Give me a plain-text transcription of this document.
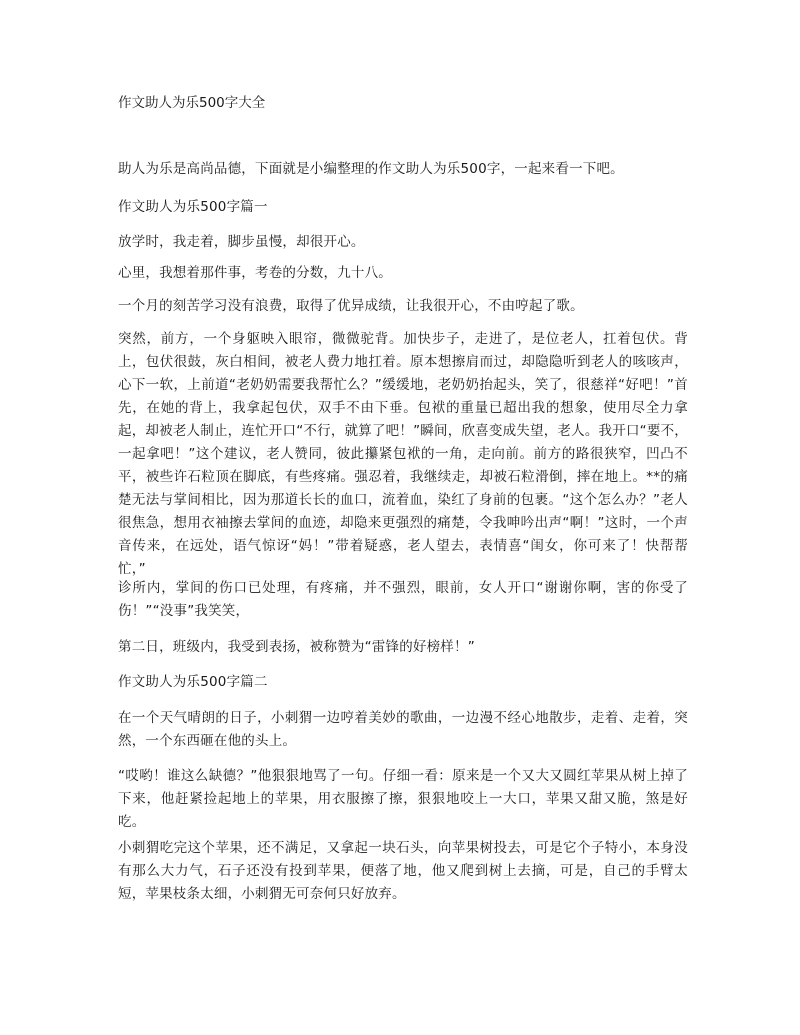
作文助人为乐500字大全

助人为乐是高尚品德，下面就是小编整理的作文助人为乐500字，一起来看一下吧。

作文助人为乐500字篇一

放学时，我走着，脚步虽慢，却很开心。

心里，我想着那件事，考卷的分数，九十八。

一个月的刻苦学习没有浪费，取得了优异成绩，让我很开心，不由哼起了歌。

突然，前方，一个身躯映入眼帘，微微驼背。加快步子，走进了，是位老人，扛着包伏。背上，包伏很鼓，灰白相间，被老人费力地扛着。原本想擦肩而过，却隐隐听到老人的咳咳声，心下一软，上前道“老奶奶需要我帮忙么？”缓缓地，老奶奶抬起头，笑了，很慈祥“好吧！”首先，在她的背上，我拿起包伏，双手不由下垂。包袱的重量已超出我的想象，使用尽全力拿起，却被老人制止，连忙开口“不行，就算了吧！”瞬间，欣喜变成失望，老人。我开口“要不，一起拿吧！”这个建议，老人赞同，彼此攥紧包袱的一角，走向前。前方的路很狭窄，凹凸不平，被些许石粒顶在脚底，有些疼痛。强忍着，我继续走，却被石粒滑倒，摔在地上。**的痛楚无法与掌间相比，因为那道长长的血口，流着血，染红了身前的包裹。“这个怎么办？”老人很焦急，想用衣袖擦去掌间的血迹，却隐来更强烈的痛楚，令我呻吟出声“啊！”这时，一个声音传来，在远处，语气惊讶“妈！”带着疑惑，老人望去，表情喜“闺女，你可来了！快帮帮忙，”

诊所内，掌间的伤口已处理，有疼痛，并不强烈，眼前，女人开口“谢谢你啊，害的你受了伤！”“没事”我笑笑，

第二日，班级内，我受到表扬，被称赞为“雷锋的好榜样！”

作文助人为乐500字篇二

在一个天气晴朗的日子，小刺猬一边哼着美妙的歌曲，一边漫不经心地散步，走着、走着，突然，一个东西砸在他的头上。

“哎哟！谁这么缺德？”他狠狠地骂了一句。仔细一看：原来是一个又大又圆红苹果从树上掉了下来，他赶紧捡起地上的苹果，用衣服擦了擦，狠狠地咬上一大口，苹果又甜又脆，煞是好吃。

小刺猬吃完这个苹果，还不满足，又拿起一块石头，向苹果树投去，可是它个子特小，本身没有那么大力气，石子还没有投到苹果，便落了地，他又爬到树上去摘，可是，自己的手臂太短，苹果枝条太细，小刺猬无可奈何只好放弃。
